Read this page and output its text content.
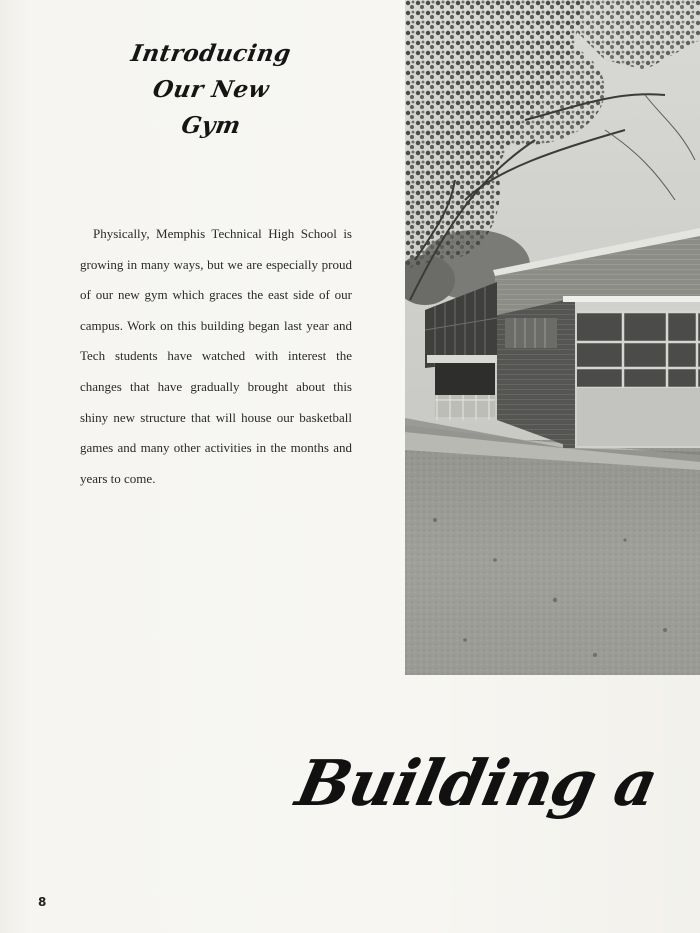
Introducing
Our New
Gym

Physically, Memphis Technical High School is growing in many ways, but we are especially proud of our new gym which graces the east side of our campus. Work on this building began last year and Tech students have watched with interest the changes that have gradually brought about this shiny new structure that will house our basketball games and many other activities in the months and years to come.

Building a
8
